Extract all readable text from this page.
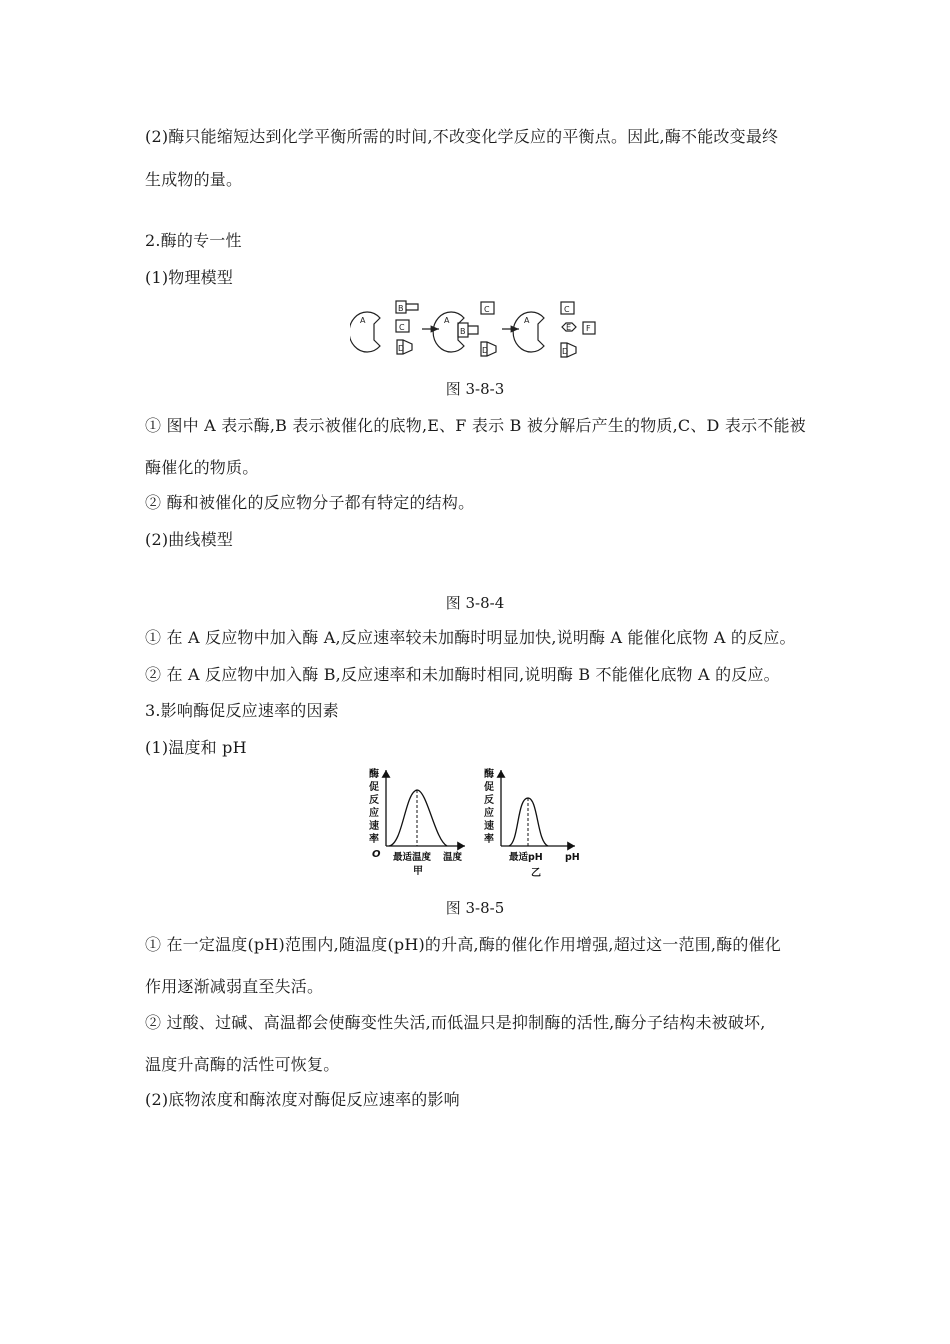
(2)酶只能缩短达到化学平衡所需的时间,不改变化学反应的平衡点。因此,酶不能改变最终
生成物的量。
2.酶的专一性
(1)物理模型
A
B
C
D
A
B
C
D
A
C
E F
D
图 3-8-3
① 图中 A 表示酶,B 表示被催化的底物,E、F 表示 B 被分解后产生的物质,C、D 表示不能被
酶催化的物质。
② 酶和被催化的反应物分子都有特定的结构。
(2)曲线模型
图 3-8-4
① 在 A 反应物中加入酶 A,反应速率较未加酶时明显加快,说明酶 A 能催化底物 A 的反应。
② 在 A 反应物中加入酶 B,反应速率和未加酶时相同,说明酶 B 不能催化底物 A 的反应。
3.影响酶促反应速率的因素
(1)温度和 pH
酶
促
反
应
速
率
酶
促
反
应
速
率
O 最适温度 温度
甲
最适pH pH
乙
图 3-8-5
① 在一定温度(pH)范围内,随温度(pH)的升高,酶的催化作用增强,超过这一范围,酶的催化
作用逐渐减弱直至失活。
② 过酸、过碱、高温都会使酶变性失活,而低温只是抑制酶的活性,酶分子结构未被破坏,
温度升高酶的活性可恢复。
(2)底物浓度和酶浓度对酶促反应速率的影响
